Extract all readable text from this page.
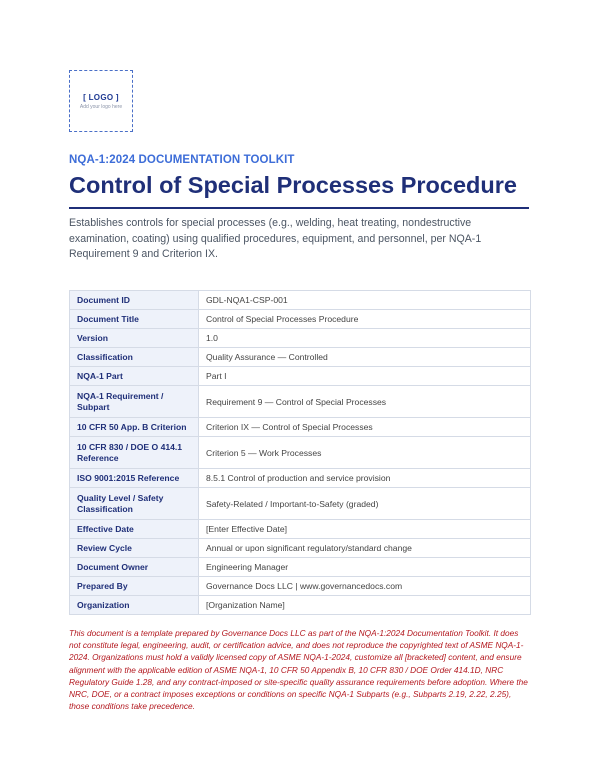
[ LOGO ]
Add your logo here
NQA-1:2024 DOCUMENTATION TOOLKIT
Control of Special Processes Procedure
Establishes controls for special processes (e.g., welding, heat treating, nondestructive examination, coating) using qualified procedures, equipment, and personnel, per NQA-1 Requirement 9 and Criterion IX.
Document ID	GDL-NQA1-CSP-001
Document Title	Control of Special Processes Procedure
Version	1.0
Classification	Quality Assurance — Controlled
NQA-1 Part	Part I
NQA-1 Requirement / Subpart	Requirement 9 — Control of Special Processes
10 CFR 50 App. B Criterion	Criterion IX — Control of Special Processes
10 CFR 830 / DOE O 414.1 Reference	Criterion 5 — Work Processes
ISO 9001:2015 Reference	8.5.1 Control of production and service provision
Quality Level / Safety Classification	Safety-Related / Important-to-Safety (graded)
Effective Date	[Enter Effective Date]
Review Cycle	Annual or upon significant regulatory/standard change
Document Owner	Engineering Manager
Prepared By	Governance Docs LLC | www.governancedocs.com
Organization	[Organization Name]
This document is a template prepared by Governance Docs LLC as part of the NQA-1:2024 Documentation Toolkit. It does not constitute legal, engineering, audit, or certification advice, and does not reproduce the copyrighted text of ASME NQA-1-2024. Organizations must hold a validly licensed copy of ASME NQA-1-2024, customize all [bracketed] content, and ensure alignment with the applicable edition of ASME NQA-1, 10 CFR 50 Appendix B, 10 CFR 830 / DOE Order 414.1D, NRC Regulatory Guide 1.28, and any contract-imposed or site-specific quality assurance requirements before adoption. Where the NRC, DOE, or a contract imposes exceptions or conditions on specific NQA-1 Subparts (e.g., Subparts 2.19, 2.22, 2.25), those conditions take precedence.
